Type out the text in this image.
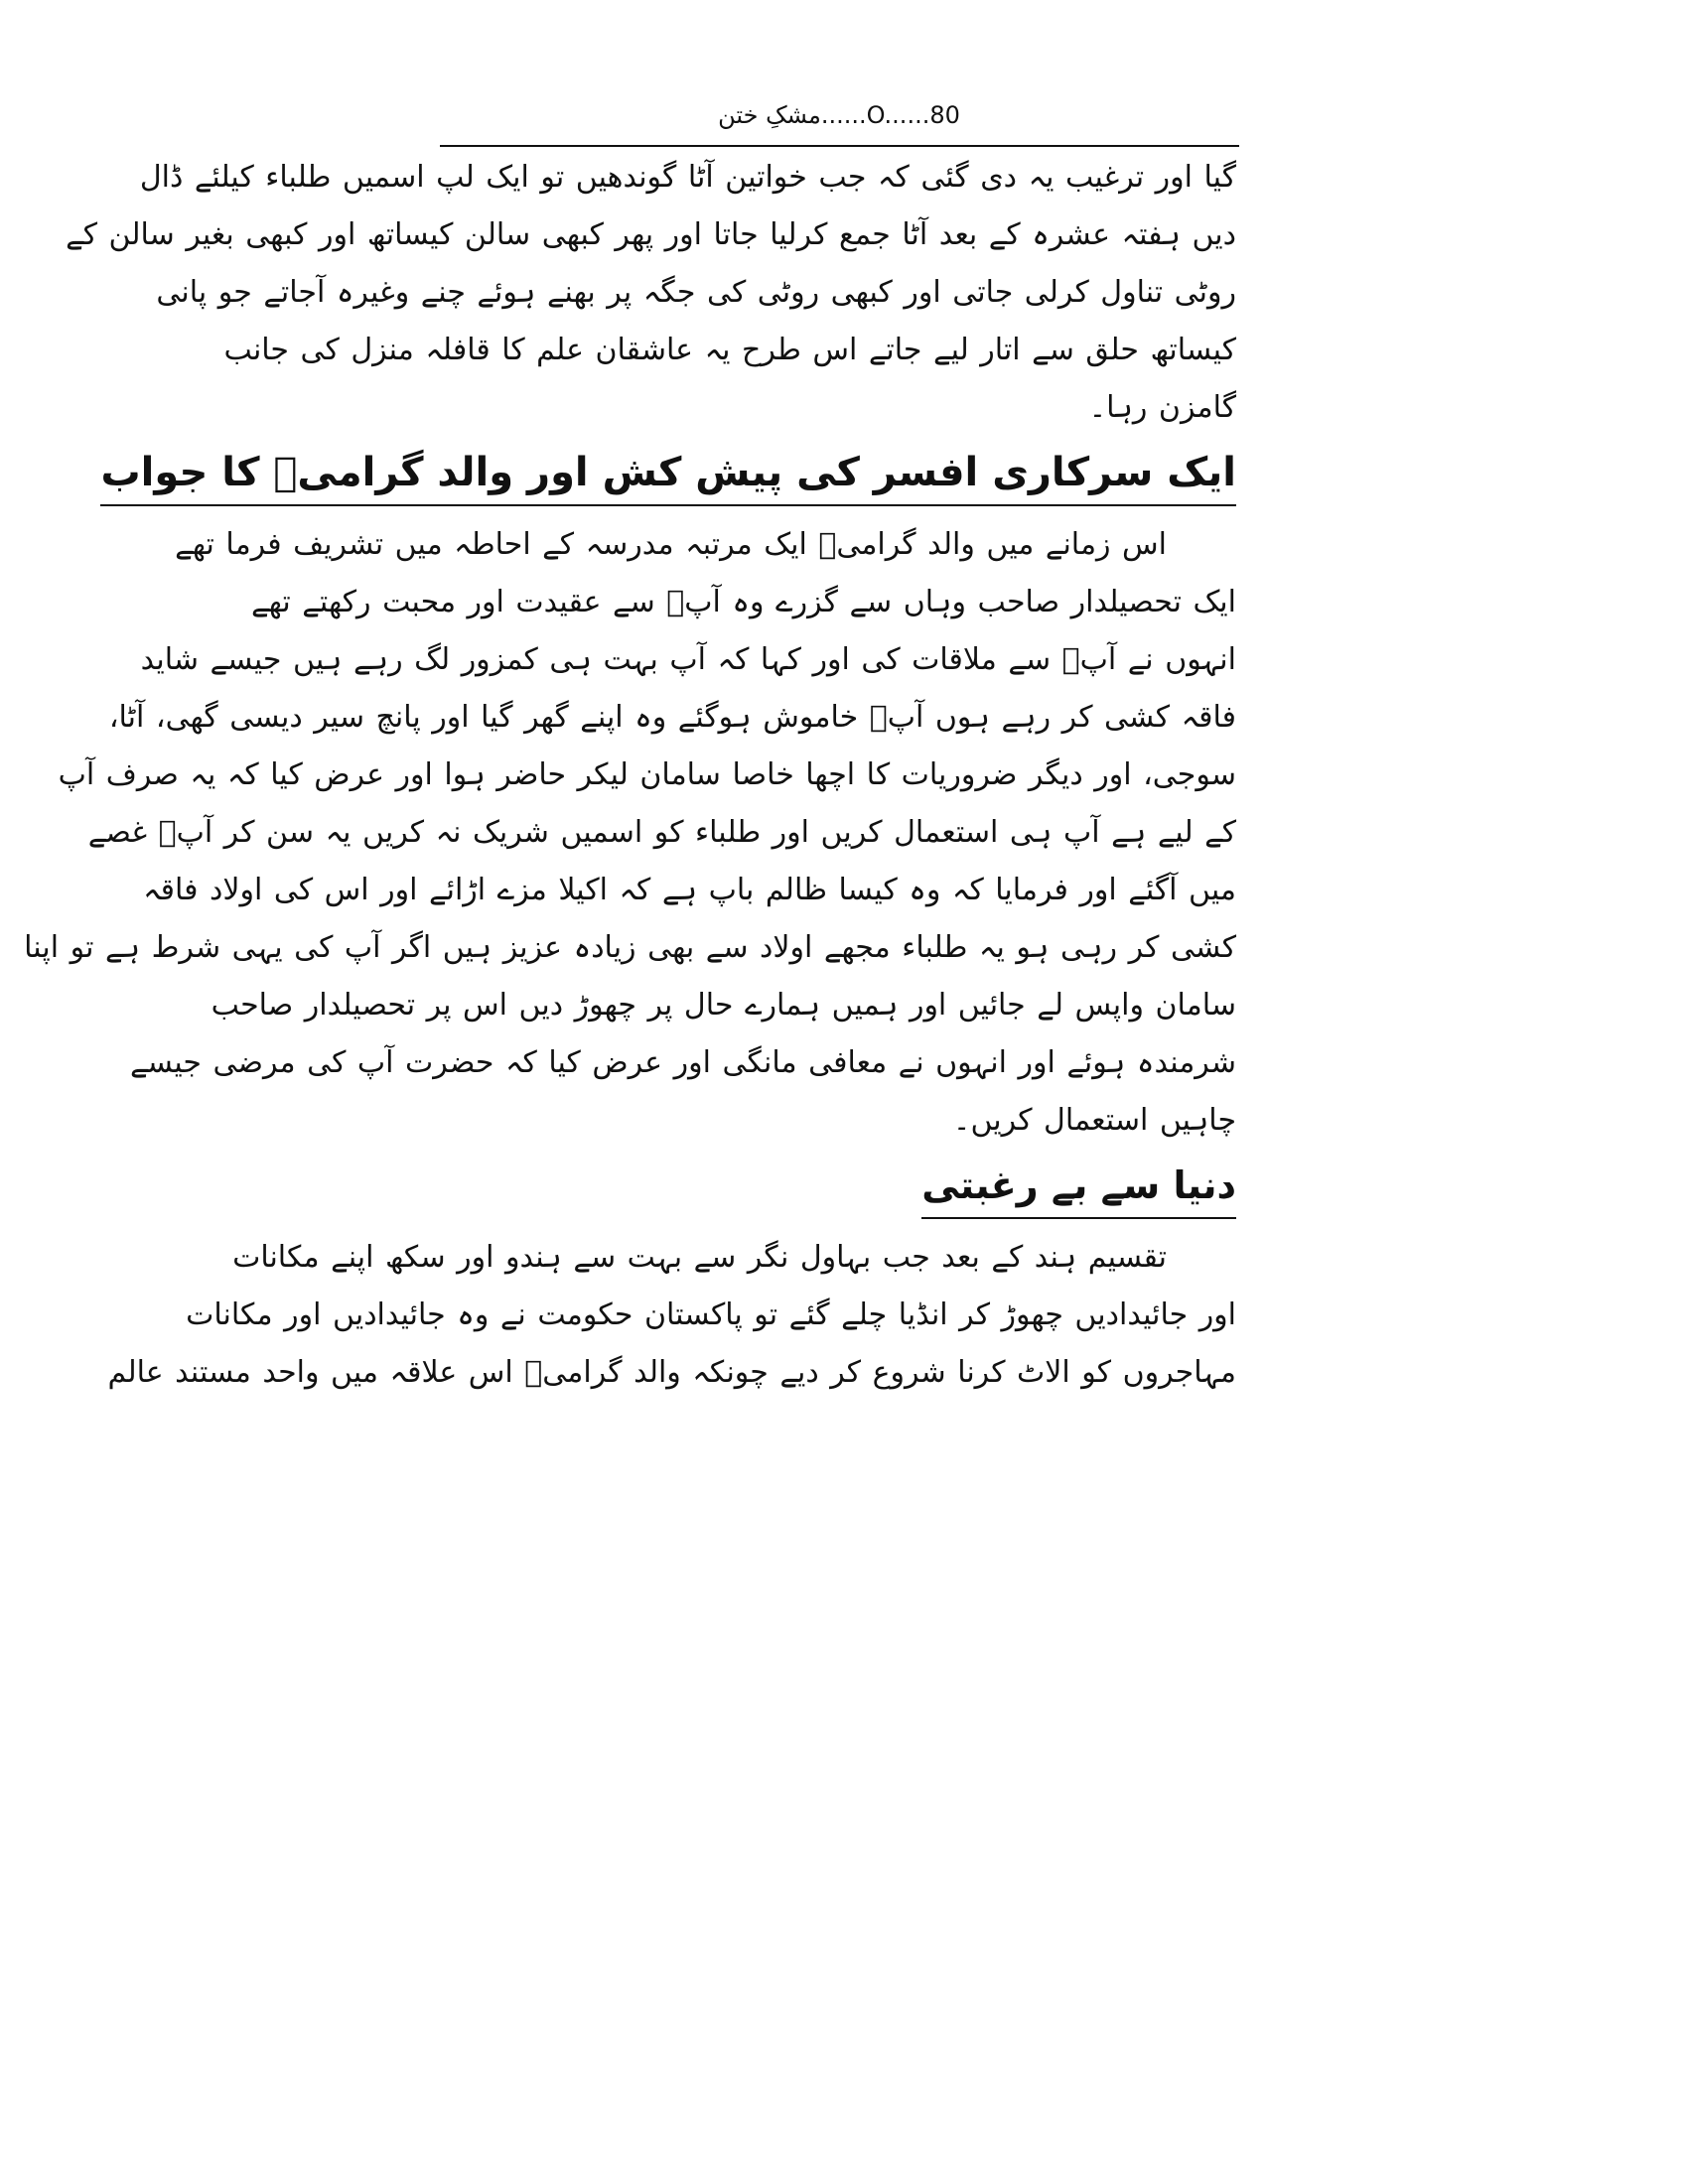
مشکِ ختن......O......80
گیا اور ترغیب یہ دی گئی کہ جب خواتین آٹا گوندھیں تو ایک لپ اسمیں طلباء کیلئے ڈال
دیں ہفتہ عشرہ کے بعد آٹا جمع کرلیا جاتا اور پھر کبھی سالن کیساتھ اور کبھی بغیر سالن کے
روٹی تناول کرلی جاتی اور کبھی روٹی کی جگہ پر بھنے ہوئے چنے وغیرہ آجاتے جو پانی
کیساتھ حلق سے اتار لیے جاتے اس طرح یہ عاشقان علم کا قافلہ منزل کی جانب
گامزن رہا۔
ایک سرکاری افسر کی پیش کش اور والد گرامیؒ کا جواب
اس زمانے میں والد گرامیؒ ایک مرتبہ مدرسہ کے احاطہ میں تشریف فرما تھے
ایک تحصیلدار صاحب وہاں سے گزرے وہ آپؒ سے عقیدت اور محبت رکھتے تھے
انہوں نے آپؒ سے ملاقات کی اور کہا کہ آپ بہت ہی کمزور لگ رہے ہیں جیسے شاید
فاقہ کشی کر رہے ہوں آپؒ خاموش ہوگئے وہ اپنے گھر گیا اور پانچ سیر دیسی گھی، آٹا،
سوجی، اور دیگر ضروریات کا اچھا خاصا سامان لیکر حاضر ہوا اور عرض کیا کہ یہ صرف آپ
کے لیے ہے آپ ہی استعمال کریں اور طلباء کو اسمیں شریک نہ کریں یہ سن کر آپؒ غصے
میں آگئے اور فرمایا کہ وہ کیسا ظالم باپ ہے کہ اکیلا مزے اڑائے اور اس کی اولاد فاقہ
کشی کر رہی ہو یہ طلباء مجھے اولاد سے بھی زیادہ عزیز ہیں اگر آپ کی یہی شرط ہے تو اپنا
سامان واپس لے جائیں اور ہمیں ہمارے حال پر چھوڑ دیں اس پر تحصیلدار صاحب
شرمندہ ہوئے اور انہوں نے معافی مانگی اور عرض کیا کہ حضرت آپ کی مرضی جیسے
چاہیں استعمال کریں۔
دنیا سے بے رغبتی
تقسیم ہند کے بعد جب بہاول نگر سے بہت سے ہندو اور سکھ اپنے مکانات
اور جائیدادیں چھوڑ کر انڈیا چلے گئے تو پاکستان حکومت نے وہ جائیدادیں اور مکانات
مہاجروں کو الاٹ کرنا شروع کر دیے چونکہ والد گرامیؒ اس علاقہ میں واحد مستند عالم
